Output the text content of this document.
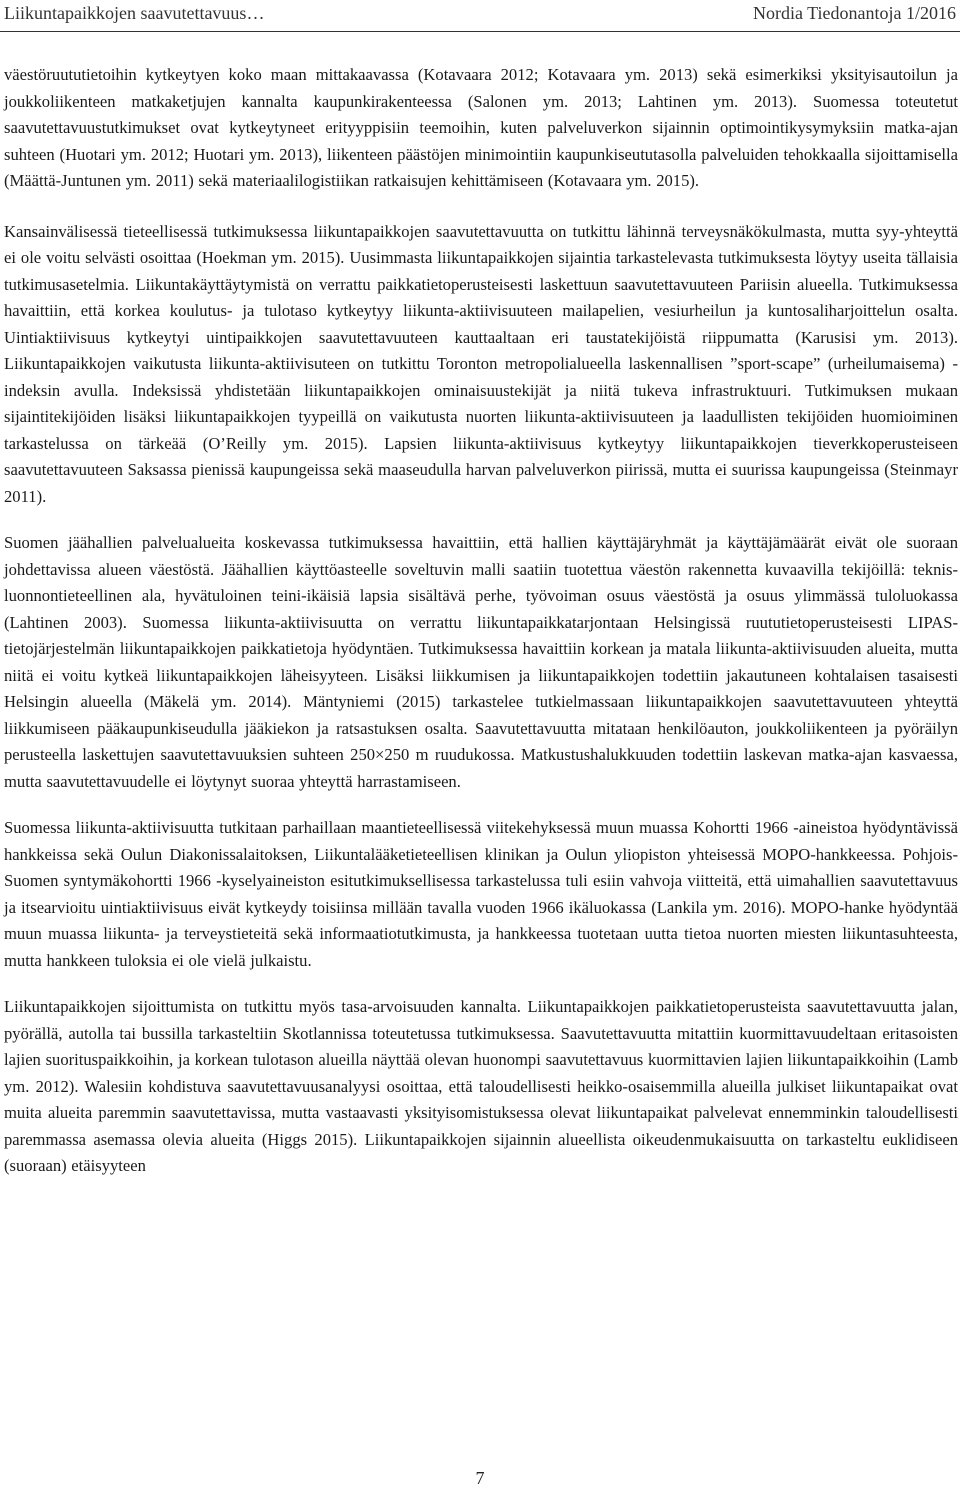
Liikuntapaikkojen saavutettavuus…	Nordia Tiedonantoja 1/2016

väestöruututietoihin kytkeytyen koko maan mittakaavassa (Kotavaara 2012; Kotavaara ym. 2013) sekä esimerkiksi yksityisautoilun ja joukkoliikenteen matkaketjujen kannalta kaupunkirakenteessa (Salonen ym. 2013; Lahtinen ym. 2013). Suomessa toteutetut saavutettavuustutkimukset ovat kytkeytyneet erityyppisiin teemoihin, kuten palveluverkon sijainnin optimointikysymyksiin matka-ajan suhteen (Huotari ym. 2012; Huotari ym. 2013), liikenteen päästöjen minimointiin kaupunkiseututasolla palveluiden tehokkaalla sijoittamisella (Määttä-Juntunen ym. 2011) sekä materiaalilogistiikan ratkaisujen kehittämiseen (Kotavaara ym. 2015).

Kansainvälisessä tieteellisessä tutkimuksessa liikuntapaikkojen saavutettavuutta on tutkittu lähinnä terveysnäkökulmasta, mutta syy-yhteyttä ei ole voitu selvästi osoittaa (Hoekman ym. 2015). Uusimmasta liikuntapaikkojen sijaintia tarkastelevasta tutkimuksesta löytyy useita tällaisia tutkimusasetelmia. Liikuntakäyttäytymistä on verrattu paikkatietoperusteisesti laskettuun saavutettavuuteen Pariisin alueella. Tutkimuksessa havaittiin, että korkea koulutus- ja tulotaso kytkeytyy liikunta-aktiivisuuteen mailapelien, vesiurheilun ja kuntosaliharjoittelun osalta. Uintiaktiivisuus kytkeytyi uintipaikkojen saavutettavuuteen kauttaaltaan eri taustatekijöistä riippumatta (Karusisi ym. 2013). Liikuntapaikkojen vaikutusta liikunta-aktiivisuteen on tutkittu Toronton metropolialueella laskennallisen ”sport-scape” (urheilumaisema) -indeksin avulla. Indeksissä yhdistetään liikuntapaikkojen ominaisuustekijät ja niitä tukeva infrastruktuuri. Tutkimuksen mukaan sijaintitekijöiden lisäksi liikuntapaikkojen tyypeillä on vaikutusta nuorten liikunta-aktiivisuuteen ja laadullisten tekijöiden huomioiminen tarkastelussa on tärkeää (O’Reilly ym. 2015). Lapsien liikunta-aktiivisuus kytkeytyy liikuntapaikkojen tieverkkoperusteiseen saavutettavuuteen Saksassa pienissä kaupungeissa sekä maaseudulla harvan palveluverkon piirissä, mutta ei suurissa kaupungeissa (Steinmayr 2011).

Suomen jäähallien palvelualueita koskevassa tutkimuksessa havaittiin, että hallien käyttäjäryhmät ja käyttäjämäärät eivät ole suoraan johdettavissa alueen väestöstä. Jäähallien käyttöasteelle soveltuvin malli saatiin tuotettua väestön rakennetta kuvaavilla tekijöillä: teknis-luonnontieteellinen ala, hyvätuloinen teini-ikäisiä lapsia sisältävä perhe, työvoiman osuus väestöstä ja osuus ylimmässä tuloluokassa (Lahtinen 2003). Suomessa liikunta-aktiivisuutta on verrattu liikuntapaikkatarjontaan Helsingissä ruututietoperusteisesti LIPAS-tietojärjestelmän liikuntapaikkojen paikkatietoja hyödyntäen. Tutkimuksessa havaittiin korkean ja matala liikunta-aktiivisuuden alueita, mutta niitä ei voitu kytkeä liikuntapaikkojen läheisyyteen. Lisäksi liikkumisen ja liikuntapaikkojen todettiin jakautuneen kohtalaisen tasaisesti Helsingin alueella (Mäkelä ym. 2014). Mäntyniemi (2015) tarkastelee tutkielmassaan liikuntapaikkojen saavutettavuuteen yhteyttä liikkumiseen pääkaupunkiseudulla jääkiekon ja ratsastuksen osalta. Saavutettavuutta mitataan henkilöauton, joukkoliikenteen ja pyöräilyn perusteella laskettujen saavutettavuuksien suhteen 250×250 m ruudukossa. Matkustushalukkuuden todettiin laskevan matka-ajan kasvaessa, mutta saavutettavuudelle ei löytynyt suoraa yhteyttä harrastamiseen.

Suomessa liikunta-aktiivisuutta tutkitaan parhaillaan maantieteellisessä viitekehyksessä muun muassa Kohortti 1966 -aineistoa hyödyntävissä hankkeissa sekä Oulun Diakonissalaitoksen, Liikuntalääketieteellisen klinikan ja Oulun yliopiston yhteisessä MOPO-hankkeessa. Pohjois-Suomen syntymäkohortti 1966 -kyselyaineiston esitutkimuksellisessa tarkastelussa tuli esiin vahvoja viitteitä, että uimahallien saavutettavuus ja itsearvioitu uintiaktiivisuus eivät kytkeydy toisiinsa millään tavalla vuoden 1966 ikäluokassa (Lankila ym. 2016). MOPO-hanke hyödyntää muun muassa liikunta- ja terveystieteitä sekä informaatiotutkimusta, ja hankkeessa tuotetaan uutta tietoa nuorten miesten liikuntasuhteesta, mutta hankkeen tuloksia ei ole vielä julkaistu.

Liikuntapaikkojen sijoittumista on tutkittu myös tasa-arvoisuuden kannalta. Liikuntapaikkojen paikkatietoperusteista saavutettavuutta jalan, pyörällä, autolla tai bussilla tarkasteltiin Skotlannissa toteutetussa tutkimuksessa. Saavutettavuutta mitattiin kuormittavuudeltaan eritasoisten lajien suorituspaikkoihin, ja korkean tulotason alueilla näyttää olevan huonompi saavutettavuus kuormittavien lajien liikuntapaikkoihin (Lamb ym. 2012). Walesiin kohdistuva saavutettavuusanalyysi osoittaa, että taloudellisesti heikko-osaisemmilla alueilla julkiset liikuntapaikat ovat muita alueita paremmin saavutettavissa, mutta vastaavasti yksityisomistuksessa olevat liikuntapaikat palvelevat ennemminkin taloudellisesti paremmassa asemassa olevia alueita (Higgs 2015). Liikuntapaikkojen sijainnin alueellista oikeudenmukaisuutta on tarkasteltu euklidiseen (suoraan) etäisyyteen

7
